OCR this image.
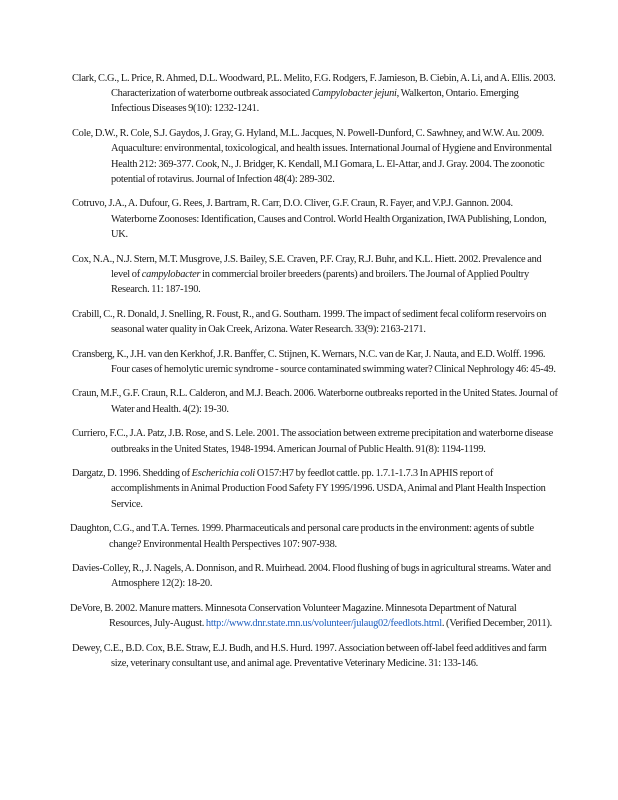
Clark, C.G., L. Price, R. Ahmed, D.L. Woodward, P.L. Melito, F.G. Rodgers, F. Jamieson, B. Ciebin, A. Li, and A. Ellis. 2003. Characterization of waterborne outbreak associated Campylobacter jejuni, Walkerton, Ontario. Emerging Infectious Diseases 9(10): 1232-1241.

Cole, D.W., R. Cole, S.J. Gaydos, J. Gray, G. Hyland, M.L. Jacques, N. Powell-Dunford, C. Sawhney, and W.W. Au. 2009. Aquaculture: environmental, toxicological, and health issues. International Journal of Hygiene and Environmental Health 212: 369-377. Cook, N., J. Bridger, K. Kendall, M.I Gomara, L. El-Attar, and J. Gray. 2004. The zoonotic potential of rotavirus. Journal of Infection 48(4): 289-302.

Cotruvo, J.A., A. Dufour, G. Rees, J. Bartram, R. Carr, D.O. Cliver, G.F. Craun, R. Fayer, and V.P.J. Gannon. 2004. Waterborne Zoonoses: Identification, Causes and Control. World Health Organization, IWA Publishing, London, UK.

Cox, N.A., N.J. Stern, M.T. Musgrove, J.S. Bailey, S.E. Craven, P.F. Cray, R.J. Buhr, and K.L. Hiett. 2002. Prevalence and level of campylobacter in commercial broiler breeders (parents) and broilers. The Journal of Applied Poultry Research. 11: 187-190.

Crabill, C., R. Donald, J. Snelling, R. Foust, R., and G. Southam. 1999. The impact of sediment fecal coliform reservoirs on seasonal water quality in Oak Creek, Arizona. Water Research. 33(9): 2163-2171.

Cransberg, K., J.H. van den Kerkhof, J.R. Banffer, C. Stijnen, K. Wernars, N.C. van de Kar, J. Nauta, and E.D. Wolff. 1996. Four cases of hemolytic uremic syndrome - source contaminated swimming water? Clinical Nephrology 46: 45-49.

Craun, M.F., G.F. Craun, R.L. Calderon, and M.J. Beach. 2006. Waterborne outbreaks reported in the United States. Journal of Water and Health. 4(2): 19-30.

Curriero, F.C., J.A. Patz, J.B. Rose, and S. Lele. 2001. The association between extreme precipitation and waterborne disease outbreaks in the United States, 1948-1994. American Journal of Public Health. 91(8): 1194-1199.

Dargatz, D. 1996. Shedding of Escherichia coli O157:H7 by feedlot cattle. pp. 1.7.1-1.7.3 In APHIS report of accomplishments in Animal Production Food Safety FY 1995/1996. USDA, Animal and Plant Health Inspection Service.

Daughton, C.G., and T.A. Ternes. 1999. Pharmaceuticals and personal care products in the environment: agents of subtle change? Environmental Health Perspectives 107: 907-938.

Davies-Colley, R., J. Nagels, A. Donnison, and R. Muirhead. 2004. Flood flushing of bugs in agricultural streams. Water and Atmosphere 12(2): 18-20.

DeVore, B. 2002. Manure matters. Minnesota Conservation Volunteer Magazine. Minnesota Department of Natural Resources, July-August. http://www.dnr.state.mn.us/volunteer/julaug02/feedlots.html. (Verified December, 2011).

Dewey, C.E., B.D. Cox, B.E. Straw, E.J. Budh, and H.S. Hurd. 1997. Association between off-label feed additives and farm size, veterinary consultant use, and animal age. Preventative Veterinary Medicine. 31: 133-146.
